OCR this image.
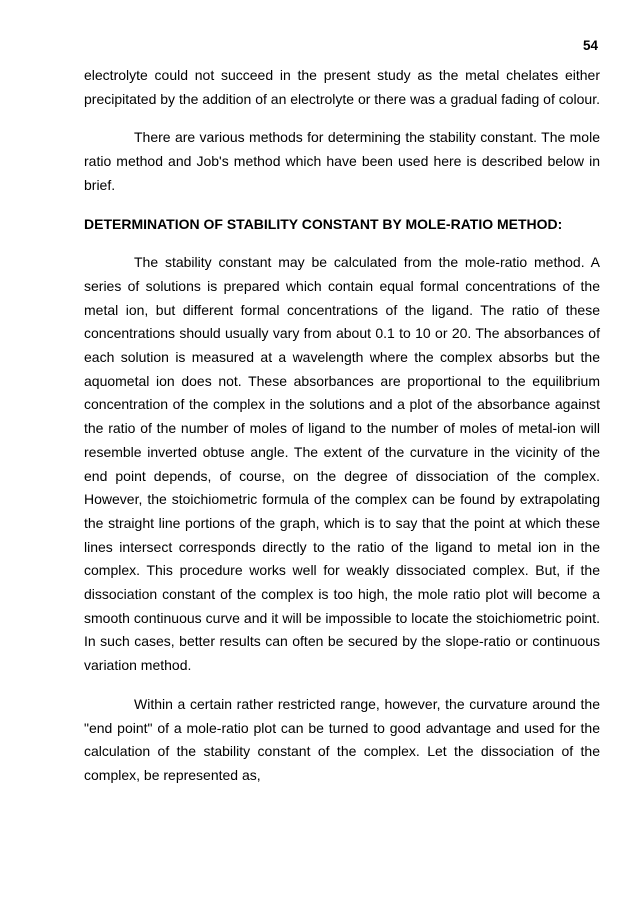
54

electrolyte could not succeed in the present study as the metal chelates either precipitated by the addition of an electrolyte or there was a gradual fading of colour.

There are various methods for determining the stability constant. The mole ratio method and Job's method which have been used here is described below in brief.

DETERMINATION OF STABILITY CONSTANT BY MOLE-RATIO METHOD:

The stability constant may be calculated from the mole-ratio method. A series of solutions is prepared which contain equal formal concentrations of the metal ion, but different formal concentrations of the ligand. The ratio of these concentrations should usually vary from about 0.1 to 10 or 20. The absorbances of each solution is measured at a wavelength where the complex absorbs but the aquometal ion does not. These absorbances are proportional to the equilibrium concentration of the complex in the solutions and a plot of the absorbance against the ratio of the number of moles of ligand to the number of moles of metal-ion will resemble inverted obtuse angle. The extent of the curvature in the vicinity of the end point depends, of course, on the degree of dissociation of the complex. However, the stoichiometric formula of the complex can be found by extrapolating the straight line portions of the graph, which is to say that the point at which these lines intersect corresponds directly to the ratio of the ligand to metal ion in the complex. This procedure works well for weakly dissociated complex. But, if the dissociation constant of the complex is too high, the mole ratio plot will become a smooth continuous curve and it will be impossible to locate the stoichiometric point. In such cases, better results can often be secured by the slope-ratio or continuous variation method.

Within a certain rather restricted range, however, the curvature around the "end point" of a mole-ratio plot can be turned to good advantage and used for the calculation of the stability constant of the complex. Let the dissociation of the complex, be represented as,
